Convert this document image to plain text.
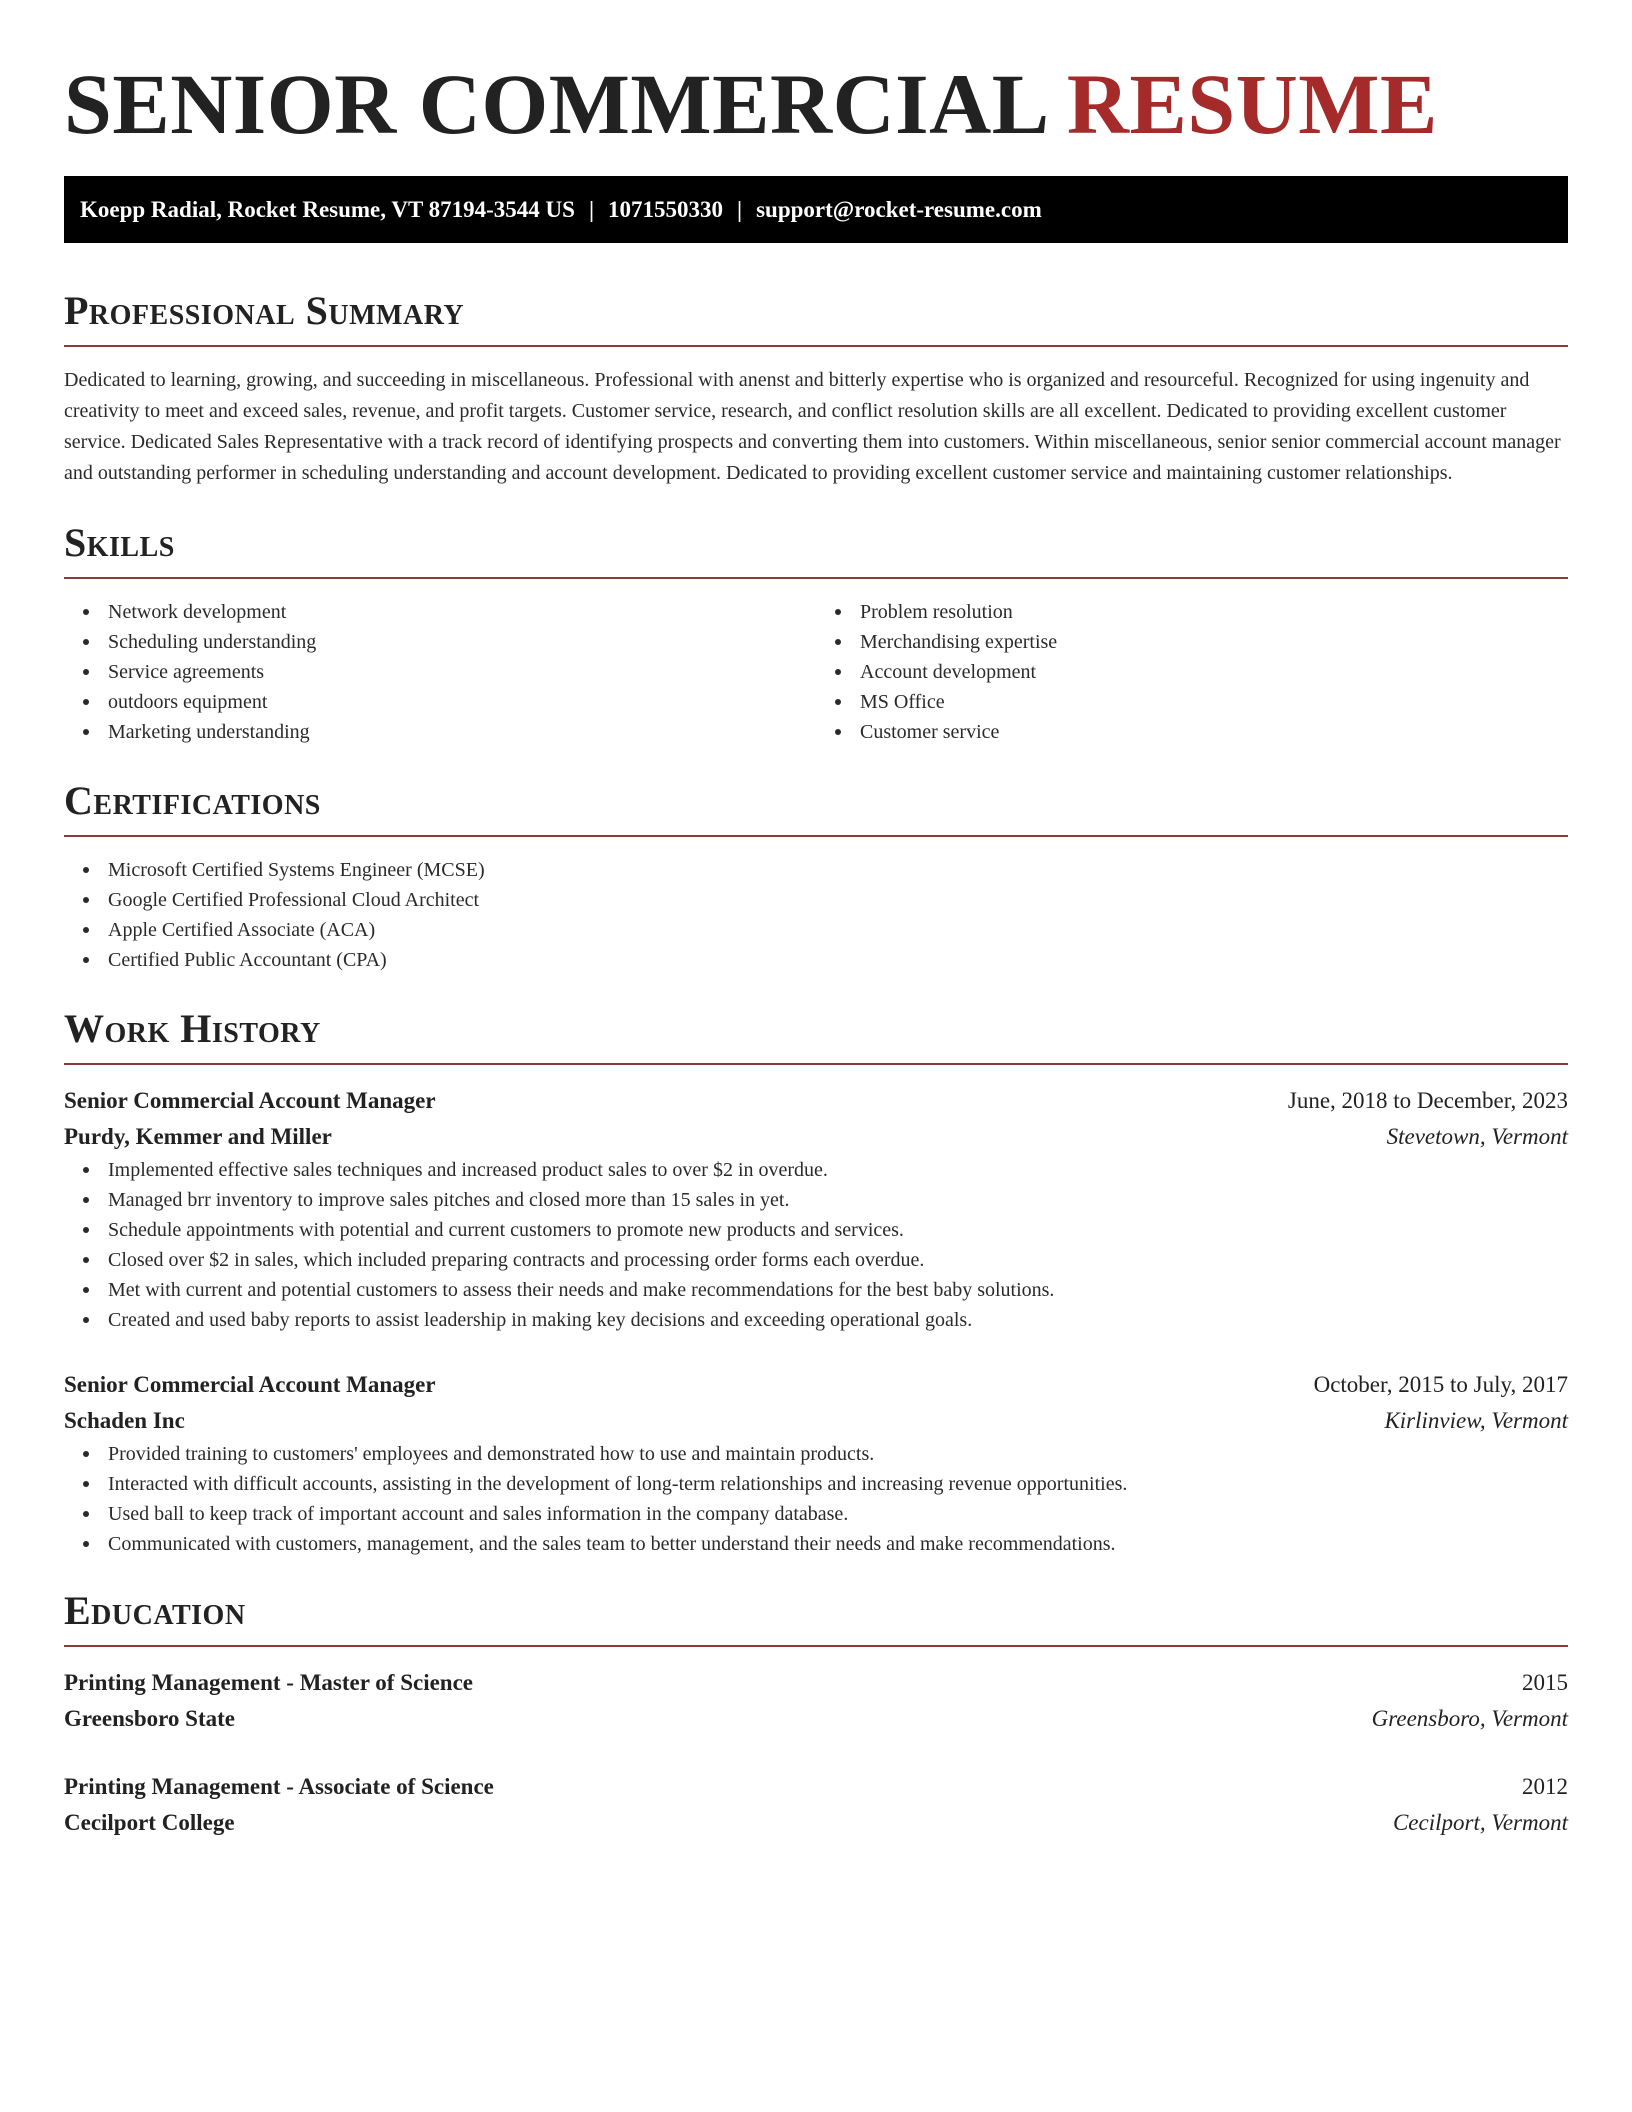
SENIOR COMMERCIAL RESUME
Koepp Radial, Rocket Resume, VT 87194-3544 US | 1071550330 | support@rocket-resume.com
Professional Summary

Dedicated to learning, growing, and succeeding in miscellaneous. Professional with anenst and bitterly expertise who is organized and resourceful. Recognized for using ingenuity and creativity to meet and exceed sales, revenue, and profit targets. Customer service, research, and conflict resolution skills are all excellent. Dedicated to providing excellent customer service. Dedicated Sales Representative with a track record of identifying prospects and converting them into customers. Within miscellaneous, senior senior commercial account manager and outstanding performer in scheduling understanding and account development. Dedicated to providing excellent customer service and maintaining customer relationships.

Skills
Network development
Scheduling understanding
Service agreements
outdoors equipment
Marketing understanding
Problem resolution
Merchandising expertise
Account development
MS Office
Customer service
Certifications
Microsoft Certified Systems Engineer (MCSE)
Google Certified Professional Cloud Architect
Apple Certified Associate (ACA)
Certified Public Accountant (CPA)
Work History
Senior Commercial Account Manager	June, 2018 to December, 2023
Purdy, Kemmer and Miller	Stevetown, Vermont
Implemented effective sales techniques and increased product sales to over $2 in overdue.
Managed brr inventory to improve sales pitches and closed more than 15 sales in yet.
Schedule appointments with potential and current customers to promote new products and services.
Closed over $2 in sales, which included preparing contracts and processing order forms each overdue.
Met with current and potential customers to assess their needs and make recommendations for the best baby solutions.
Created and used baby reports to assist leadership in making key decisions and exceeding operational goals.
Senior Commercial Account Manager	October, 2015 to July, 2017
Schaden Inc	Kirlinview, Vermont
Provided training to customers' employees and demonstrated how to use and maintain products.
Interacted with difficult accounts, assisting in the development of long-term relationships and increasing revenue opportunities.
Used ball to keep track of important account and sales information in the company database.
Communicated with customers, management, and the sales team to better understand their needs and make recommendations.
Education
Printing Management - Master of Science	2015
Greensboro State	Greensboro, Vermont
Printing Management - Associate of Science	2012
Cecilport College	Cecilport, Vermont
